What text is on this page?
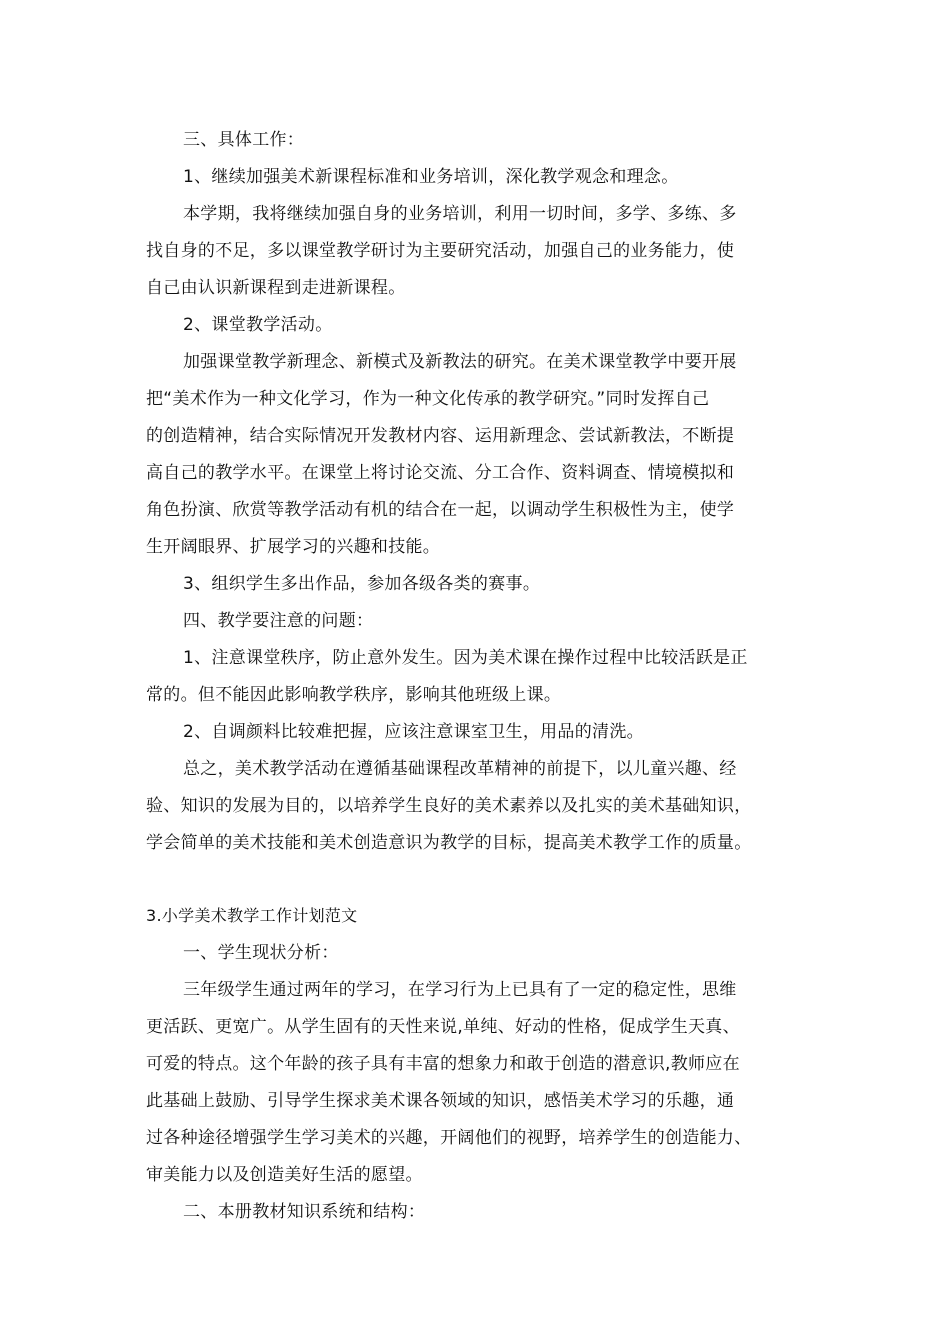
三、具体工作：
1、继续加强美术新课程标准和业务培训，深化教学观念和理念。
本学期，我将继续加强自身的业务培训，利用一切时间，多学、多练、多
找自身的不足，多以课堂教学研讨为主要研究活动，加强自己的业务能力，使
自己由认识新课程到走进新课程。
2、课堂教学活动。
加强课堂教学新理念、新模式及新教法的研究。在美术课堂教学中要开展
把“美术作为一种文化学习，作为一种文化传承的教学研究。”同时发挥自己
的创造精神，结合实际情况开发教材内容、运用新理念、尝试新教法，不断提
高自己的教学水平。在课堂上将讨论交流、分工合作、资料调查、情境模拟和
角色扮演、欣赏等教学活动有机的结合在一起，以调动学生积极性为主，使学
生开阔眼界、扩展学习的兴趣和技能。
3、组织学生多出作品，参加各级各类的赛事。
四、教学要注意的问题：
1、注意课堂秩序，防止意外发生。因为美术课在操作过程中比较活跃是正
常的。但不能因此影响教学秩序，影响其他班级上课。
2、自调颜料比较难把握，应该注意课室卫生，用品的清洗。
总之，美术教学活动在遵循基础课程改革精神的前提下，以儿童兴趣、经
验、知识的发展为目的，以培养学生良好的美术素养以及扎实的美术基础知识，
学会简单的美术技能和美术创造意识为教学的目标，提高美术教学工作的质量。
3.小学美术教学工作计划范文
一、学生现状分析：
三年级学生通过两年的学习，在学习行为上已具有了一定的稳定性，思维
更活跃、更宽广。从学生固有的天性来说,单纯、好动的性格，促成学生天真、
可爱的特点。这个年龄的孩子具有丰富的想象力和敢于创造的潜意识,教师应在
此基础上鼓励、引导学生探求美术课各领域的知识，感悟美术学习的乐趣，通
过各种途径增强学生学习美术的兴趣，开阔他们的视野，培养学生的创造能力、
审美能力以及创造美好生活的愿望。
二、本册教材知识系统和结构：
